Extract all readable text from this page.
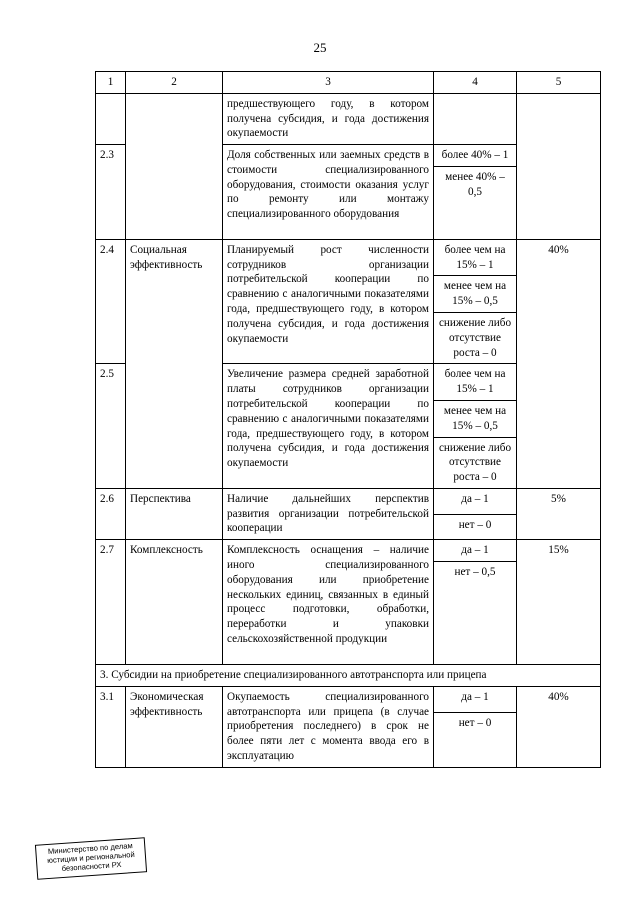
25
1	2	3	4	5
		предшествующего году, в котором получена субсидия, и года достижения окупаемости		
2.3		Доля собственных или заемных средств в стоимости специализированного оборудования, стоимости оказания услуг по ремонту или монтажу специализированного оборудования	более 40% – 1	
			менее 40% – 0,5	
2.4	Социальная эффективность	Планируемый рост численности сотрудников организации потребительской кооперации по сравнению с аналогичными показателями года, предшествующего году, в котором получена субсидия, и года достижения окупаемости	более чем на 15% – 1	40%
			менее чем на 15% – 0,5	
			снижение либо отсутствие роста – 0	
2.5		Увеличение размера средней заработной платы сотрудников организации потребительской кооперации по сравнению с аналогичными показателями года, предшествующего году, в котором получена субсидия, и года достижения окупаемости	более чем на 15% – 1	
			менее чем на 15% – 0,5	
			снижение либо отсутствие роста – 0	
2.6	Перспектива	Наличие дальнейших перспектив развития организации потребительской кооперации	да – 1	5%
			нет – 0	
2.7	Комплексность	Комплексность оснащения – наличие иного специализированного оборудования или приобретение нескольких единиц, связанных в единый процесс подготовки, обработки, переработки и упаковки сельскохозяйственной продукции	да – 1	15%
			нет – 0,5	
3. Субсидии на приобретение специализированного автотранспорта или прицепа				
3.1	Экономическая эффективность	Окупаемость специализированного автотранспорта или прицепа (в случае приобретения последнего) в срок не более пяти лет с момента ввода его в эксплуатацию	да – 1	40%
			нет – 0	
Министерство по делам юстиции и региональной безопасности РХ
